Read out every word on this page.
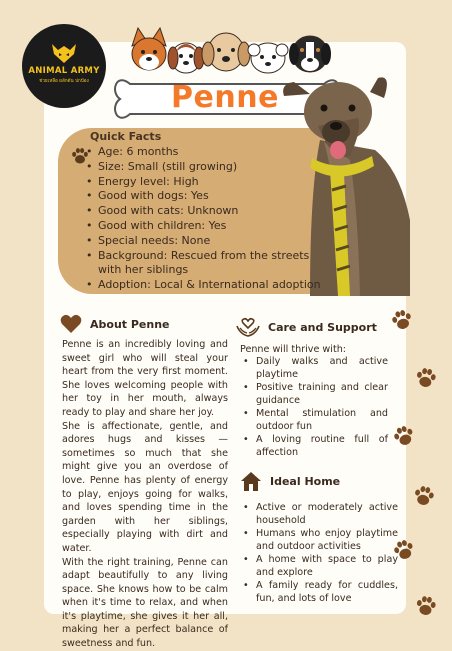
ANIMAL ARMY
ช่วยเหลือ ผลักดัน ปกป้อง	Penne
Quick Facts
• Age: 6 months
• Size: Small (still growing)
• Energy level: High
• Good with dogs: Yes
• Good with cats: Unknown
• Good with children: Yes
• Special needs: None
• Background: Rescued from the streets with her siblings
• Adoption: Local & International adoption
About Penne

Penne is an incredibly loving and sweet girl who will steal your heart from the very first moment. She loves welcoming people with her toy in her mouth, always ready to play and share her joy.

She is affectionate, gentle, and adores hugs and kisses — sometimes so much that she might give you an overdose of love. Penne has plenty of energy to play, enjoys going for walks, and loves spending time in the garden with her siblings, especially playing with dirt and water.

With the right training, Penne can adapt beautifully to any living space. She knows how to be calm when it's time to relax, and when it's playtime, she gives it her all, making her a perfect balance of sweetness and fun.

Care and Support
Penne will thrive with:
• Daily walks and active playtime
• Positive training and clear guidance
• Mental stimulation and outdoor fun
• A loving routine full of affection
Ideal Home
• Active or moderately active household
• Humans who enjoy playtime and outdoor activities
• A home with space to play and explore
• A family ready for cuddles, fun, and lots of love
